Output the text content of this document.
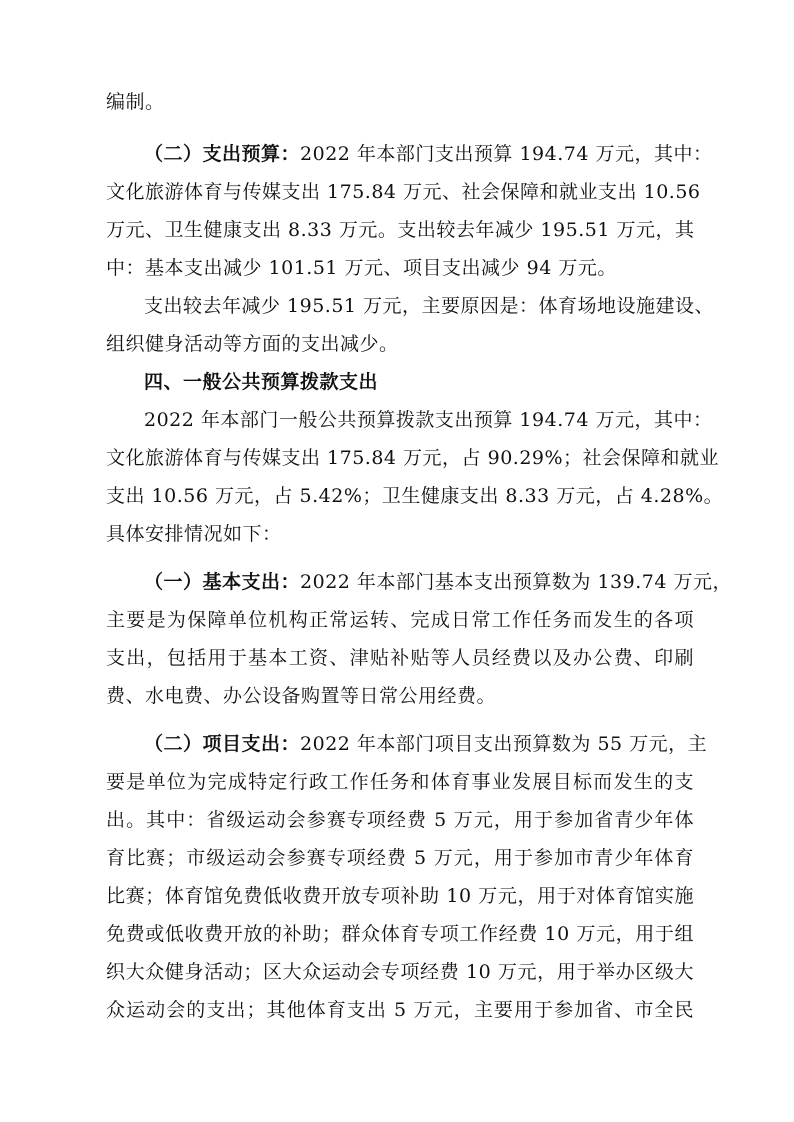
编制。
（二）支出预算：2022 年本部门支出预算 194.74 万元，其中：
文化旅游体育与传媒支出 175.84 万元、社会保障和就业支出 10.56
万元、卫生健康支出 8.33 万元。支出较去年减少 195.51 万元，其
中：基本支出减少 101.51 万元、项目支出减少 94 万元。
支出较去年减少 195.51 万元，主要原因是：体育场地设施建设、
组织健身活动等方面的支出减少。
四、一般公共预算拨款支出
2022 年本部门一般公共预算拨款支出预算 194.74 万元，其中：
文化旅游体育与传媒支出 175.84 万元，占 90.29%；社会保障和就业
支出 10.56 万元，占 5.42%；卫生健康支出 8.33 万元，占 4.28%。
具体安排情况如下：
（一）基本支出：2022 年本部门基本支出预算数为 139.74 万元，
主要是为保障单位机构正常运转、完成日常工作任务而发生的各项
支出，包括用于基本工资、津贴补贴等人员经费以及办公费、印刷
费、水电费、办公设备购置等日常公用经费。
（二）项目支出：2022 年本部门项目支出预算数为 55 万元，主
要是单位为完成特定行政工作任务和体育事业发展目标而发生的支
出。其中：省级运动会参赛专项经费 5 万元，用于参加省青少年体
育比赛；市级运动会参赛专项经费 5 万元，用于参加市青少年体育
比赛；体育馆免费低收费开放专项补助 10 万元，用于对体育馆实施
免费或低收费开放的补助；群众体育专项工作经费 10 万元，用于组
织大众健身活动；区大众运动会专项经费 10 万元，用于举办区级大
众运动会的支出；其他体育支出 5 万元，主要用于参加省、市全民
